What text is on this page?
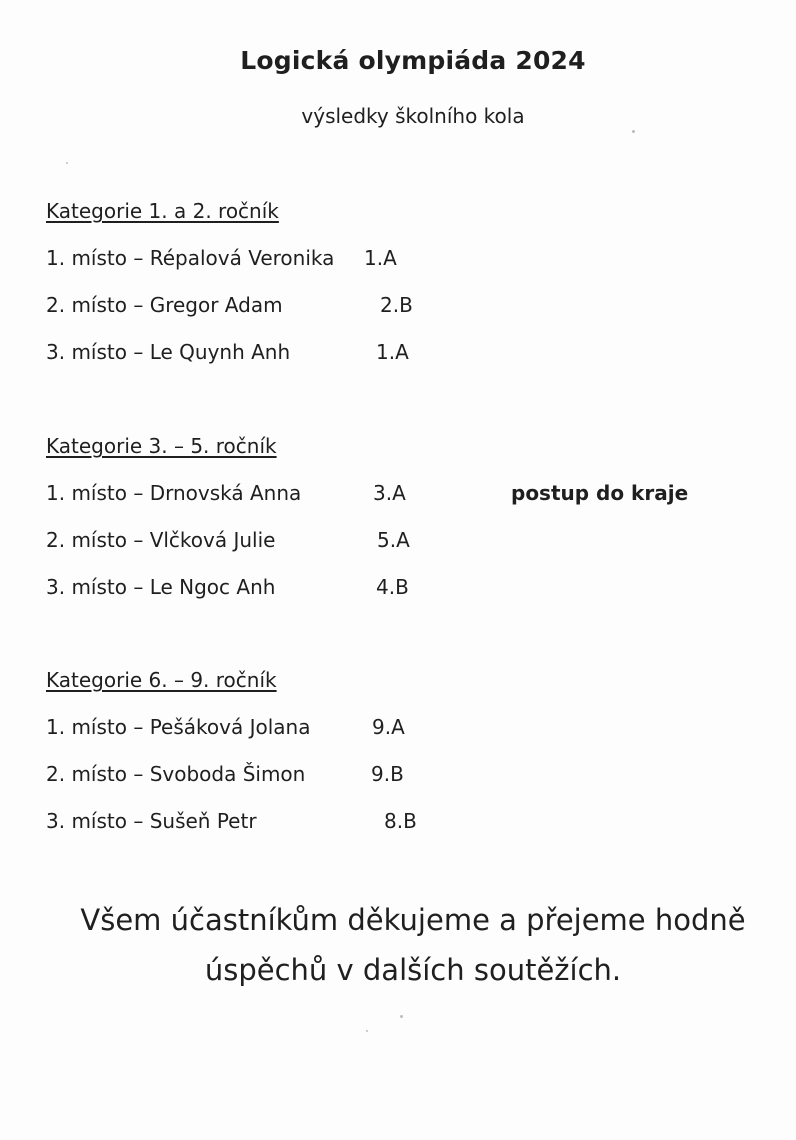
Logická olympiáda 2024
výsledky školního kola
Kategorie 1. a 2. ročník
1. místo – Répalová Veronika 1.A
2. místo – Gregor Adam	2.B
3. místo – Le Quynh Anh	1.A
Kategorie 3. – 5. ročník
1. místo – Drnovská Anna	3.A	postup do kraje
2. místo – Vlčková Julie	5.A
3. místo – Le Ngoc Anh	4.B
Kategorie 6. – 9. ročník
1. místo – Pešáková Jolana	9.A
2. místo – Svoboda Šimon	9.B
3. místo – Sušeň Petr	8.B
Všem účastníkům děkujeme a přejeme hodně
úspěchů v dalších soutěžích.
